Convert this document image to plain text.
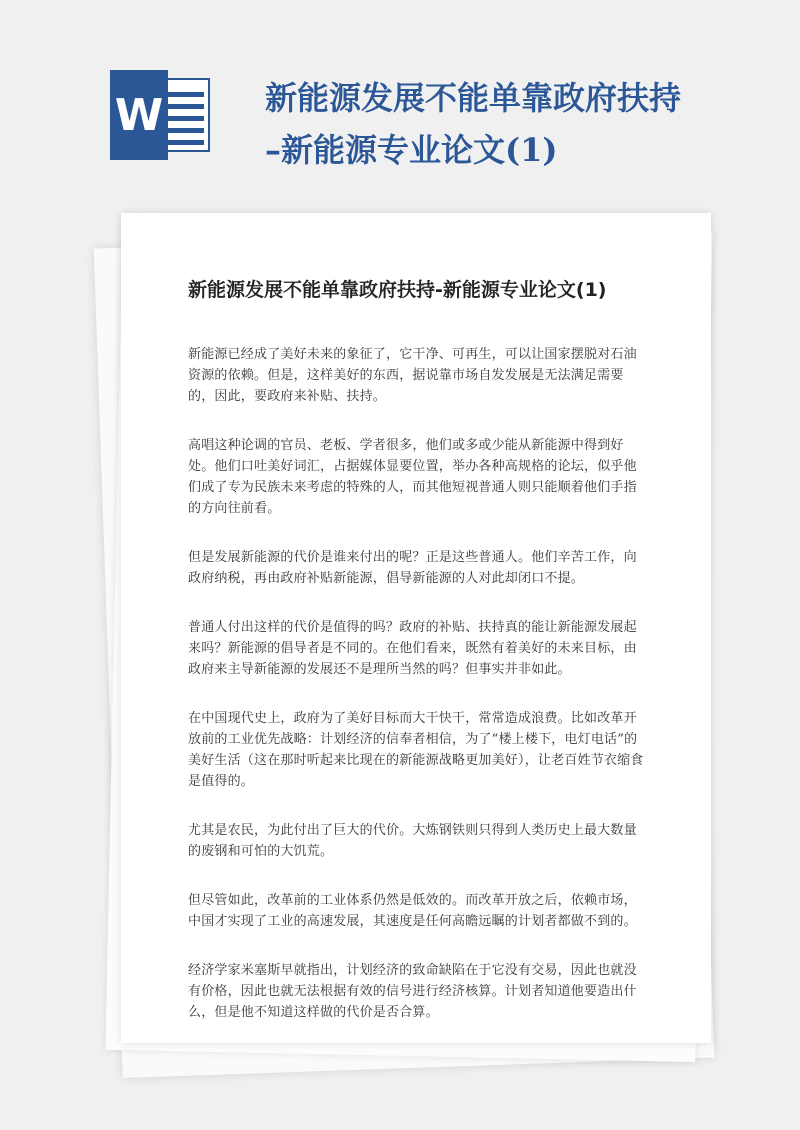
W	新能源发展不能单靠政府扶持
–新能源专业论文(1)
新能源发展不能单靠政府扶持-新能源专业论文(1)

新能源已经成了美好未来的象征了，它干净、可再生，可以让国家摆脱对石油资源的依赖。但是，这样美好的东西，据说靠市场自发发展是无法满足需要的，因此，要政府来补贴、扶持。

高唱这种论调的官员、老板、学者很多，他们或多或少能从新能源中得到好处。他们口吐美好词汇，占据媒体显要位置，举办各种高规格的论坛，似乎他们成了专为民族未来考虑的特殊的人，而其他短视普通人则只能顺着他们手指的方向往前看。

但是发展新能源的代价是谁来付出的呢？正是这些普通人。他们辛苦工作，向政府纳税，再由政府补贴新能源，倡导新能源的人对此却闭口不提。

普通人付出这样的代价是值得的吗？政府的补贴、扶持真的能让新能源发展起来吗？新能源的倡导者是不同的。在他们看来，既然有着美好的未来目标，由政府来主导新能源的发展还不是理所当然的吗？但事实并非如此。

在中国现代史上，政府为了美好目标而大干快干，常常造成浪费。比如改革开放前的工业优先战略：计划经济的信奉者相信，为了“楼上楼下，电灯电话”的美好生活（这在那时听起来比现在的新能源战略更加美好），让老百姓节衣缩食是值得的。

尤其是农民，为此付出了巨大的代价。大炼钢铁则只得到人类历史上最大数量的废钢和可怕的大饥荒。

但尽管如此，改革前的工业体系仍然是低效的。而改革开放之后，依赖市场，中国才实现了工业的高速发展，其速度是任何高瞻远瞩的计划者都做不到的。

经济学家米塞斯早就指出，计划经济的致命缺陷在于它没有交易，因此也就没有价格，因此也就无法根据有效的信号进行经济核算。计划者知道他要造出什么，但是他不知道这样做的代价是否合算。
